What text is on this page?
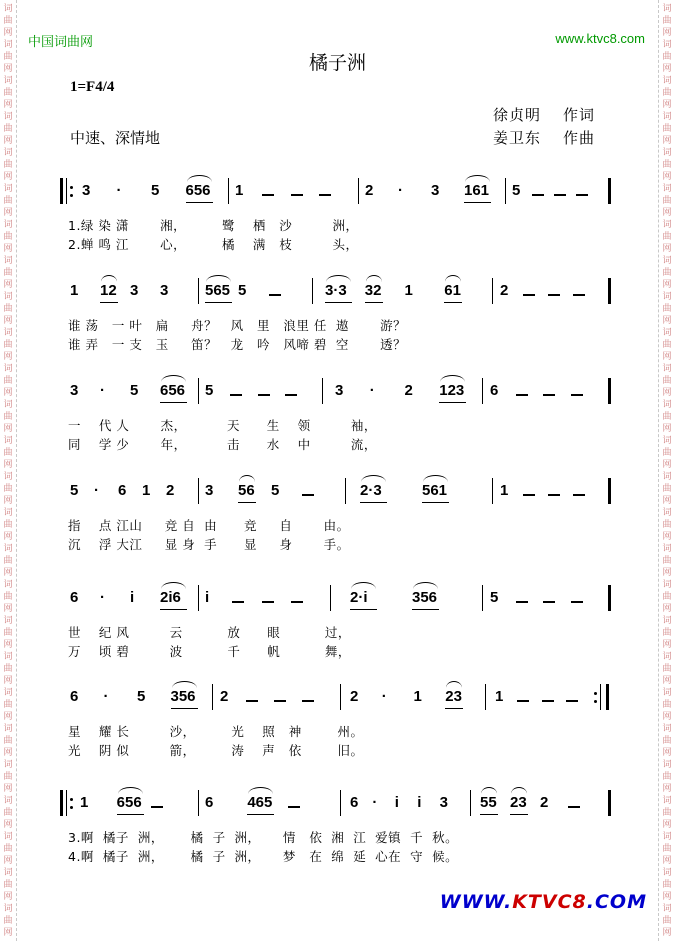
词
曲
网
词
曲
网
词
曲
网
词
曲
网
词
曲
网
词
曲
网
词
曲
网
词
曲
网
词
曲
网
词
曲
网
词
曲
网
词
曲
网
词
曲
网
词
曲
网
词
曲
网
词
曲
网
词
曲
网
词
曲
网
词
曲
网
词
曲
网
词
曲
网
词
曲
网
词
曲
网
词
曲
网
词
曲
网
词
曲
网
词
曲
网
词
曲
网
词
曲
网
词
曲
网
词
曲
网
词
曲
网
词
曲
网
词
曲
网
词
曲
网
词
曲
网
词
曲
网
词
曲
网
词
曲
网
词
曲
网
词
曲
网
词
曲
网
词
曲
网
词
曲
网
词
曲
网
词
曲
网
词
曲
网
词
曲
网
词
曲
网
词
曲
网
词
曲
网
词
曲
网
中国词曲网	www.ktvc8.com
橘子洲
1=F4/4
中速、深情地
徐贞明 作词
姜卫东 作曲
3 · 5 656 1	2 · 3 161 5
1.绿 染 潇       湘，        鹭    栖   沙         洲，
2.蝉 鸣 江       心，        橘    满   枝         头，
1 12 3 3 565 5	3·3 32 1 61	2
谁 荡   一 叶   扁     舟？   风   里   浪里 任  遨       游？
谁 弄   一 支   玉     笛？   龙   吟   风啼 碧  空       透？
3 · 5 656 5	3 · 2 123 6
一    代 人       杰，         天      生    领         袖，
同    学 少       年，         击      水    中         流，
5 · 6 1 2 3 56 5	2·3	561	1
指    点 江山     竞 自  由      竞     自       由。
沉    浮 大江     显 身  手      显     身       手。
6 · i 2i6 i	2·i	356	5
世    纪 风         云          放      眼          过，
万    顷 碧         波          千      帆          舞，
6 · 5 356 2	2 · 1 23 1
星    耀 长         沙，        光    照   神        州。
光    阴 似         箭，        涛    声   依        旧。
1 656	6 465	6 · i i 3 55 23 2
3.啊  橘子  洲，      橘  子  洲，     情   依  湘  江  爱镇  千  秋。
4.啊  橘子  洲，      橘  子  洲，     梦   在  绵  延  心在  守  候。
WWW.KTVC8.COM
